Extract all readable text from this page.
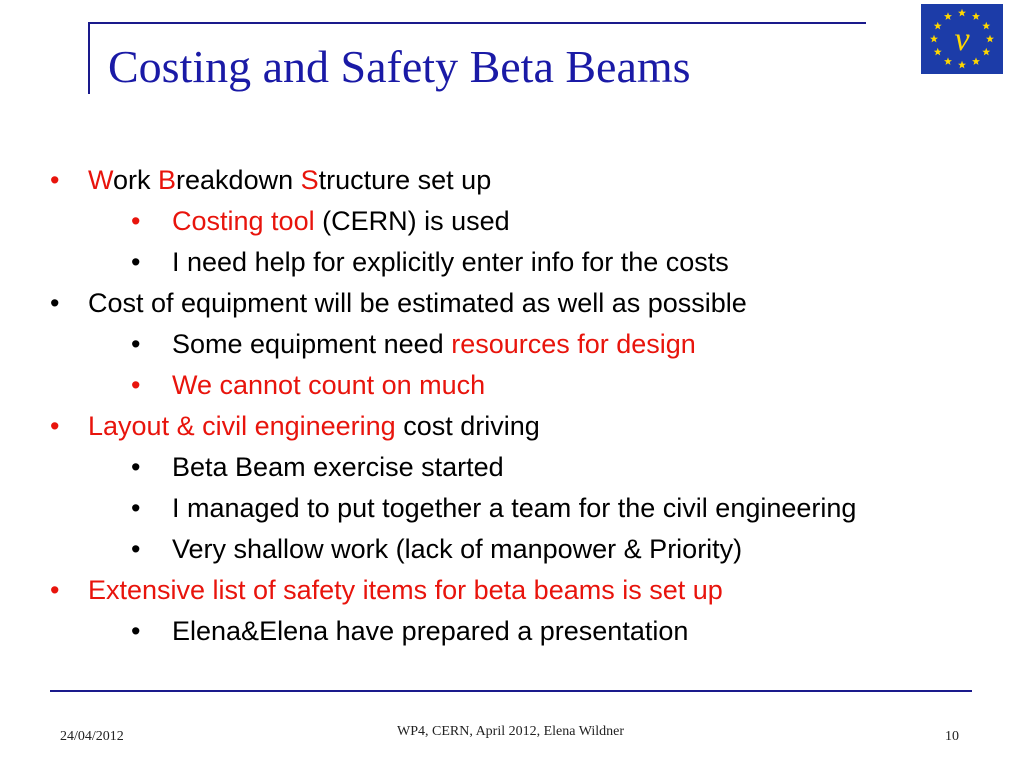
Costing and Safety Beta Beams
ν
• Work Breakdown Structure set up
• Costing tool (CERN) is used
• I need help for explicitly enter info for the costs
• Cost of equipment will be estimated as well as possible
• Some equipment need resources for design
• We cannot count on much
• Layout & civil engineering cost driving
• Beta Beam exercise started
• I managed to put together a team for the civil engineering
• Very shallow work (lack of manpower & Priority)
• Extensive list of safety items for beta beams is set up
• Elena&Elena have prepared a presentation
24/04/2012	WP4, CERN, April 2012, Elena Wildner	10
